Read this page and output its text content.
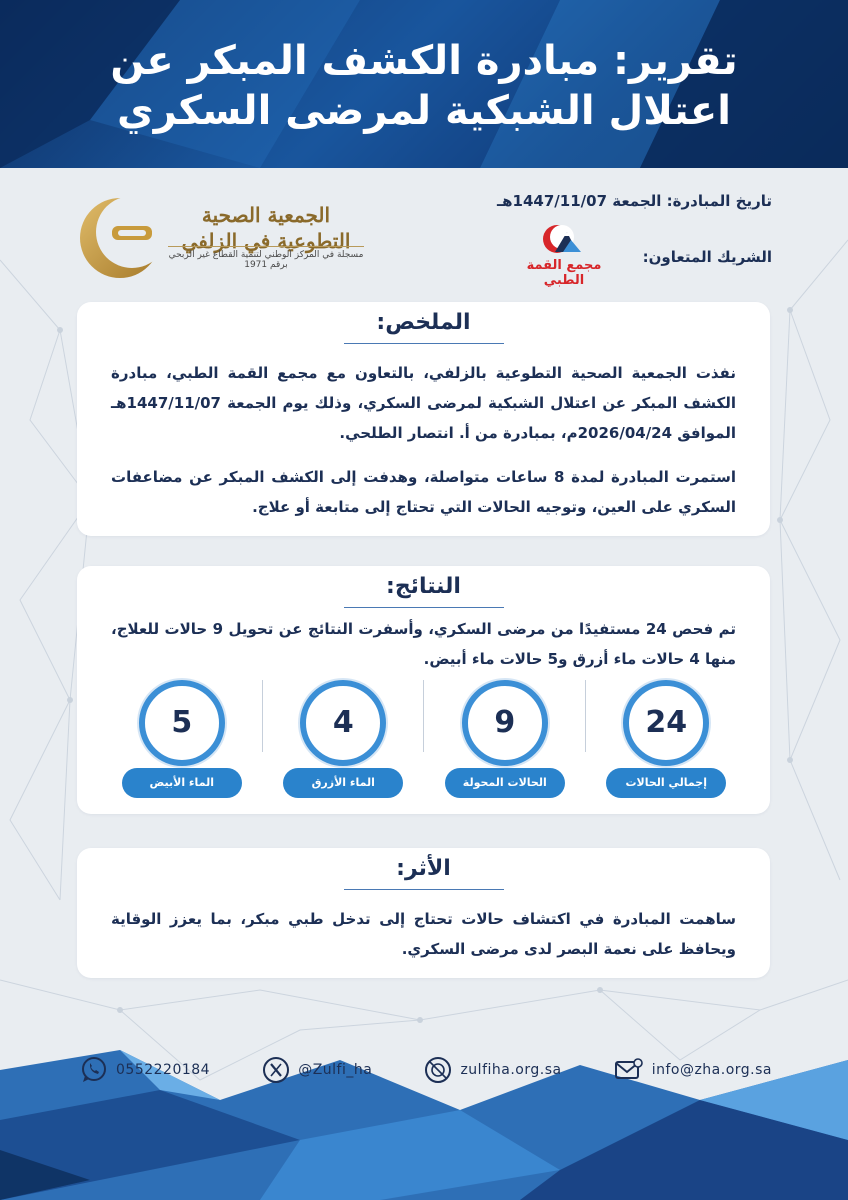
تقرير: مبادرة الكشف المبكر عن
اعتلال الشبكية لمرضى السكري
تاريخ المبادرة: الجمعة 1447/11/07هـ
الشريك المتعاون:
مجمع القمة الطبي
الجمعية الصحية التطوعية في الزلفي
مسجلة في المركز الوطني لتنمية القطاع غير الربحي برقم 1971
الملخص:

نفذت الجمعية الصحية التطوعية بالزلفي، بالتعاون مع مجمع القمة الطبي، مبادرة الكشف المبكر عن اعتلال الشبكية لمرضى السكري، وذلك يوم الجمعة 1447/11/07هـ الموافق 2026/04/24م، بمبادرة من أ. انتصار الطلحي.

استمرت المبادرة لمدة 8 ساعات متواصلة، وهدفت إلى الكشف المبكر عن مضاعفات السكري على العين، وتوجيه الحالات التي تحتاج إلى متابعة أو علاج.

النتائج:

تم فحص 24 مستفيدًا من مرضى السكري، وأسفرت النتائج عن تحويل 9 حالات للعلاج، منها 4 حالات ماء أزرق و5 حالات ماء أبيض.

24
إجمالي الحالات
9
الحالات المحولة
4
الماء الأزرق
5
الماء الأبيض
الأثر:

ساهمت المبادرة في اكتشاف حالات تحتاج إلى تدخل طبي مبكر، بما يعزز الوقاية ويحافظ على نعمة البصر لدى مرضى السكري.

info@zha.org.sa
zulfiha.org.sa
@Zulfi_ha
0552220184
